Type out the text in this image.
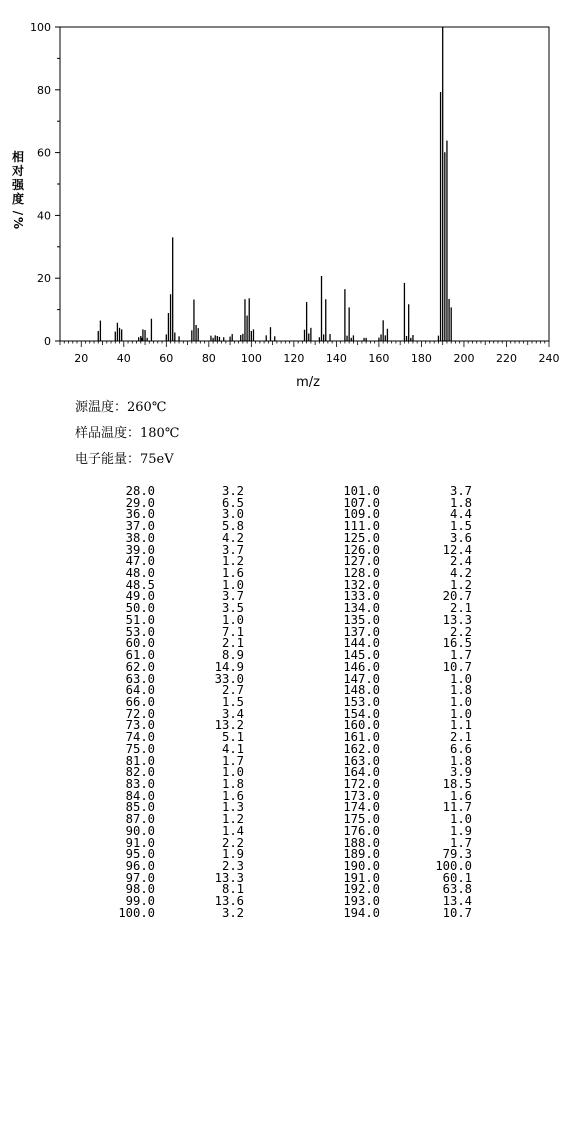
0
20
40
60
80
100
20	40	60	80 100 120 140 160 180 200 220 240
相
对
强
度
/
%
m/z
源温度：260℃
样品温度：180℃
电子能量：75eV
28.0	3.2	101.0	3.7
29.0	6.5	107.0	1.8
36.0	3.0	109.0	4.4
37.0	5.8	111.0	1.5
38.0	4.2	125.0	3.6
39.0	3.7	126.0	12.4
47.0	1.2	127.0	2.4
48.0	1.6	128.0	4.2
48.5	1.0	132.0	1.2
49.0	3.7	133.0	20.7
50.0	3.5	134.0	2.1
51.0	1.0	135.0	13.3
53.0	7.1	137.0	2.2
60.0	2.1	144.0	16.5
61.0	8.9	145.0	1.7
62.0	14.9	146.0	10.7
63.0	33.0	147.0	1.0
64.0	2.7	148.0	1.8
66.0	1.5	153.0	1.0
72.0	3.4	154.0	1.0
73.0	13.2	160.0	1.1
74.0	5.1	161.0	2.1
75.0	4.1	162.0	6.6
81.0	1.7	163.0	1.8
82.0	1.0	164.0	3.9
83.0	1.8	172.0	18.5
84.0	1.6	173.0	1.6
85.0	1.3	174.0	11.7
87.0	1.2	175.0	1.0
90.0	1.4	176.0	1.9
91.0	2.2	188.0	1.7
95.0	1.9	189.0	79.3
96.0	2.3	190.0	100.0
97.0	13.3	191.0	60.1
98.0	8.1	192.0	63.8
99.0	13.6	193.0	13.4
100.0	3.2	194.0	10.7
